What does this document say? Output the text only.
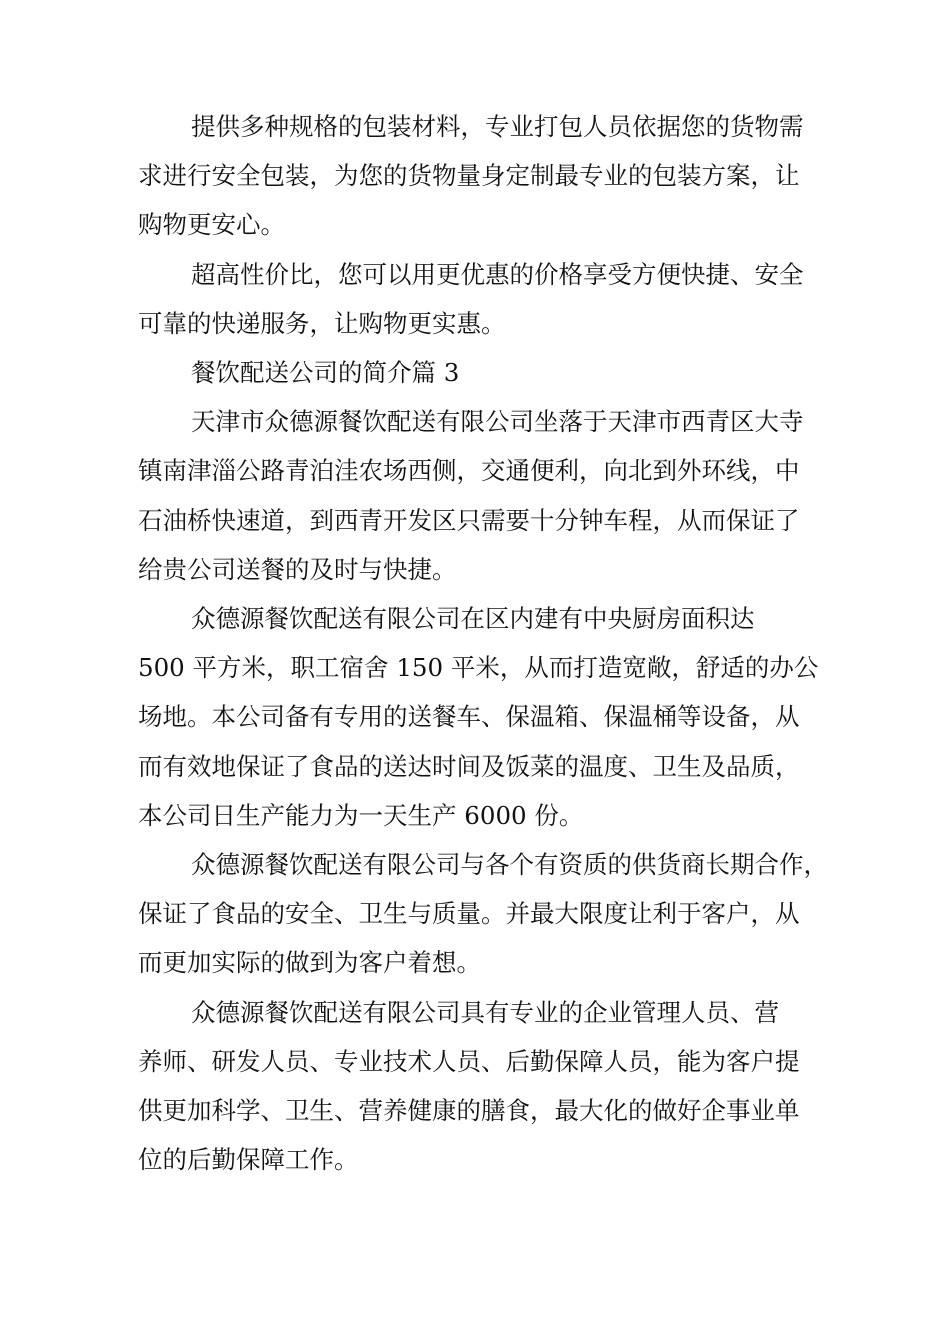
提供多种规格的包装材料，专业打包人员依据您的货物需
求进行安全包装，为您的货物量身定制最专业的包装方案，让
购物更安心。
超高性价比，您可以用更优惠的价格享受方便快捷、安全
可靠的快递服务，让购物更实惠。
餐饮配送公司的简介篇 3
天津市众德源餐饮配送有限公司坐落于天津市西青区大寺
镇南津淄公路青泊洼农场西侧，交通便利，向北到外环线，中
石油桥快速道，到西青开发区只需要十分钟车程，从而保证了
给贵公司送餐的及时与快捷。
众德源餐饮配送有限公司在区内建有中央厨房面积达
500 平方米，职工宿舍 150 平米，从而打造宽敞，舒适的办公
场地。本公司备有专用的送餐车、保温箱、保温桶等设备，从
而有效地保证了食品的送达时间及饭菜的温度、卫生及品质，
本公司日生产能力为一天生产 6000 份。
众德源餐饮配送有限公司与各个有资质的供货商长期合作，
保证了食品的安全、卫生与质量。并最大限度让利于客户，从
而更加实际的做到为客户着想。
众德源餐饮配送有限公司具有专业的企业管理人员、营
养师、研发人员、专业技术人员、后勤保障人员，能为客户提
供更加科学、卫生、营养健康的膳食，最大化的做好企事业单
位的后勤保障工作。
